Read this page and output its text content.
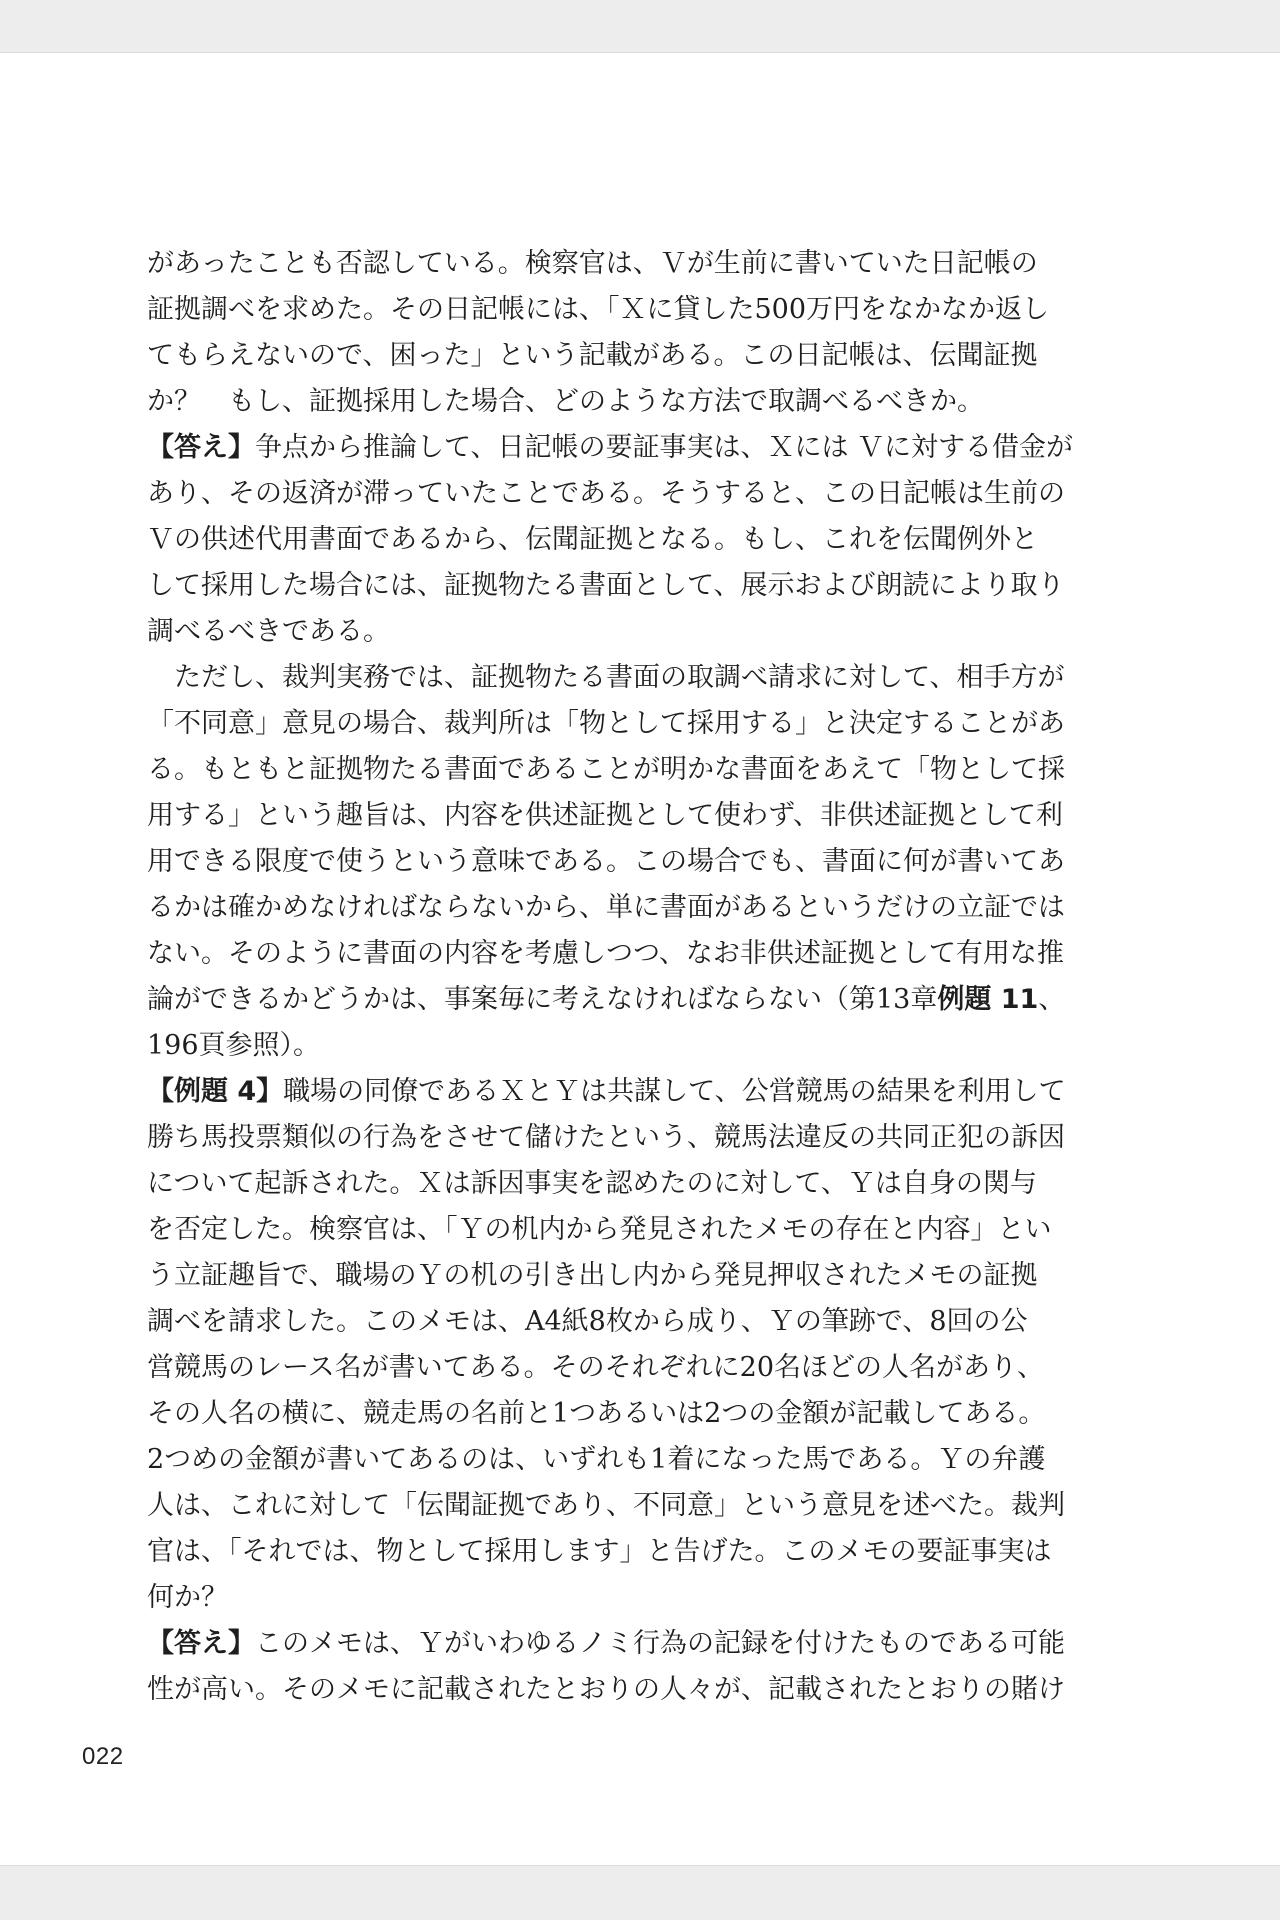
があったことも否認している。検察官は、Ｖが生前に書いていた日記帳の
証拠調べを求めた。その日記帳には、「Ｘに貸した500万円をなかなか返し
てもらえないので、困った」という記載がある。この日記帳は、伝聞証拠
か？　もし、証拠採用した場合、どのような方法で取調べるべきか。
【答え】争点から推論して、日記帳の要証事実は、Ｘには Ｖに対する借金が
あり、その返済が滞っていたことである。そうすると、この日記帳は生前の
Ｖの供述代用書面であるから、伝聞証拠となる。もし、これを伝聞例外と
して採用した場合には、証拠物たる書面として、展示および朗読により取り
調べるべきである。
　ただし、裁判実務では、証拠物たる書面の取調べ請求に対して、相手方が
「不同意」意見の場合、裁判所は「物として採用する」と決定することがあ
る。もともと証拠物たる書面であることが明かな書面をあえて「物として採
用する」という趣旨は、内容を供述証拠として使わず、非供述証拠として利
用できる限度で使うという意味である。この場合でも、書面に何が書いてあ
るかは確かめなければならないから、単に書面があるというだけの立証では
ない。そのように書面の内容を考慮しつつ、なお非供述証拠として有用な推
論ができるかどうかは、事案毎に考えなければならない（第13章例題 11、
196頁参照）。
【例題 4】職場の同僚であるＸとＹは共謀して、公営競馬の結果を利用して
勝ち馬投票類似の行為をさせて儲けたという、競馬法違反の共同正犯の訴因
について起訴された。Ｘは訴因事実を認めたのに対して、Ｙは自身の関与
を否定した。検察官は、「Ｙの机内から発見されたメモの存在と内容」とい
う立証趣旨で、職場のＹの机の引き出し内から発見押収されたメモの証拠
調べを請求した。このメモは、A4紙8枚から成り、Ｙの筆跡で、8回の公
営競馬のレース名が書いてある。そのそれぞれに20名ほどの人名があり、
その人名の横に、競走馬の名前と1つあるいは2つの金額が記載してある。
2つめの金額が書いてあるのは、いずれも1着になった馬である。Ｙの弁護
人は、これに対して「伝聞証拠であり、不同意」という意見を述べた。裁判
官は、「それでは、物として採用します」と告げた。このメモの要証事実は
何か？
【答え】このメモは、Ｙがいわゆるノミ行為の記録を付けたものである可能
性が高い。そのメモに記載されたとおりの人々が、記載されたとおりの賭け
022
